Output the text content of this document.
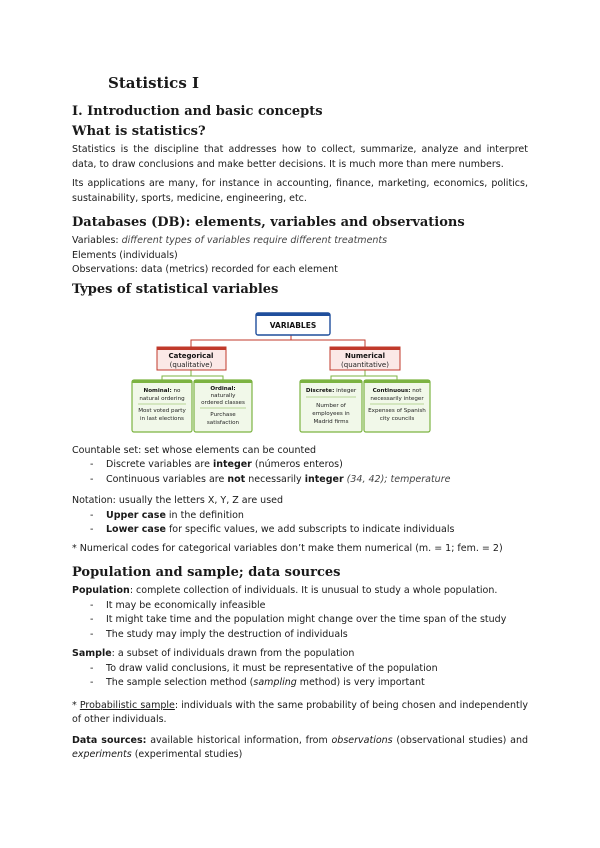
Statistics I
I. Introduction and basic concepts
What is statistics?

Statistics is the discipline that addresses how to collect, summarize, analyze and interpret data, to draw conclusions and make better decisions. It is much more than mere numbers.

Its applications are many, for instance in accounting, finance, marketing, economics, politics, sustainability, sports, medicine, engineering, etc.

Databases (DB): elements, variables and observations
Variables: different types of variables require different treatments
Elements (individuals)
Observations: data (metrics) recorded for each element
Types of statistical variables
VARIABLES
Categorical
(qualitative)
Numerical
(quantitative)
Nominal: no
natural ordering
Most voted party
in last elections
Ordinal:
naturally
ordered classes
Purchase
satisfaction
Discrete: integer
Number of
employees in
Madrid firms
Continuous: not
necessarily integer
Expenses of Spanish
city councils
Countable set: set whose elements can be counted
- Discrete variables are integer (números enteros)
- Continuous variables are not necessarily integer (34, 42); temperature
Notation: usually the letters X, Y, Z are used
- Upper case in the definition
- Lower case for specific values, we add subscripts to indicate individuals
* Numerical codes for categorical variables don’t make them numerical (m. = 1; fem. = 2)
Population and sample; data sources
Population: complete collection of individuals. It is unusual to study a whole population.
- It may be economically infeasible
- It might take time and the population might change over the time span of the study
- The study may imply the destruction of individuals
Sample: a subset of individuals drawn from the population
- To draw valid conclusions, it must be representative of the population
- The sample selection method (sampling method) is very important

* Probabilistic sample: individuals with the same probability of being chosen and independently of other individuals.

Data sources: available historical information, from observations (observational studies) and experiments (experimental studies)
